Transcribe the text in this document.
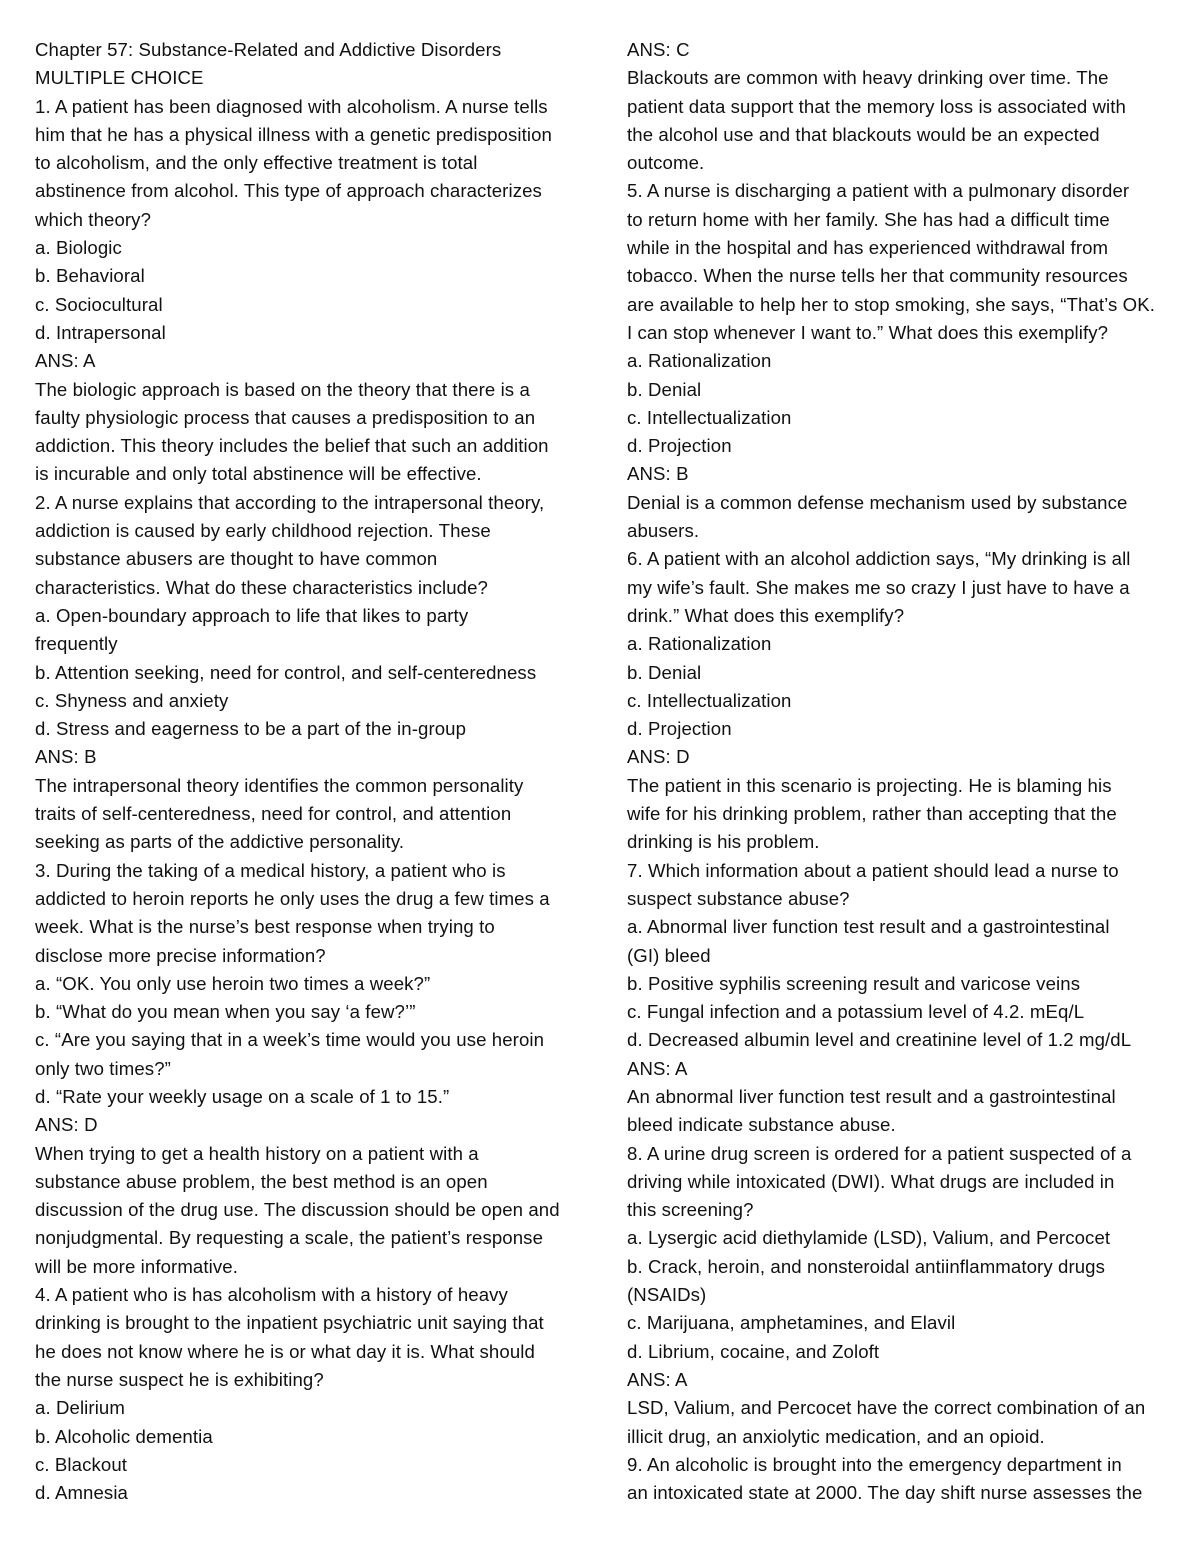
Chapter 57: Substance-Related and Addictive Disorders
MULTIPLE CHOICE
1. A patient has been diagnosed with alcoholism. A nurse tells
him that he has a physical illness with a genetic predisposition
to alcoholism, and the only effective treatment is total
abstinence from alcohol. This type of approach characterizes
which theory?
a. Biologic
b. Behavioral
c. Sociocultural
d. Intrapersonal
ANS: A
The biologic approach is based on the theory that there is a
faulty physiologic process that causes a predisposition to an
addiction. This theory includes the belief that such an addition
is incurable and only total abstinence will be effective.
2. A nurse explains that according to the intrapersonal theory,
addiction is caused by early childhood rejection. These
substance abusers are thought to have common
characteristics. What do these characteristics include?
a. Open-boundary approach to life that likes to party
frequently
b. Attention seeking, need for control, and self-centeredness
c. Shyness and anxiety
d. Stress and eagerness to be a part of the in-group
ANS: B
The intrapersonal theory identifies the common personality
traits of self-centeredness, need for control, and attention
seeking as parts of the addictive personality.
3. During the taking of a medical history, a patient who is
addicted to heroin reports he only uses the drug a few times a
week. What is the nurse’s best response when trying to
disclose more precise information?
a. “OK. You only use heroin two times a week?”
b. “What do you mean when you say ‘a few?’”
c. “Are you saying that in a week’s time would you use heroin
only two times?”
d. “Rate your weekly usage on a scale of 1 to 15.”
ANS: D
When trying to get a health history on a patient with a
substance abuse problem, the best method is an open
discussion of the drug use. The discussion should be open and
nonjudgmental. By requesting a scale, the patient’s response
will be more informative.
4. A patient who is has alcoholism with a history of heavy
drinking is brought to the inpatient psychiatric unit saying that
he does not know where he is or what day it is. What should
the nurse suspect he is exhibiting?
a. Delirium
b. Alcoholic dementia
c. Blackout
d. Amnesia
ANS: C
Blackouts are common with heavy drinking over time. The
patient data support that the memory loss is associated with
the alcohol use and that blackouts would be an expected
outcome.
5. A nurse is discharging a patient with a pulmonary disorder
to return home with her family. She has had a difficult time
while in the hospital and has experienced withdrawal from
tobacco. When the nurse tells her that community resources
are available to help her to stop smoking, she says, “That’s OK.
I can stop whenever I want to.” What does this exemplify?
a. Rationalization
b. Denial
c. Intellectualization
d. Projection
ANS: B
Denial is a common defense mechanism used by substance
abusers.
6. A patient with an alcohol addiction says, “My drinking is all
my wife’s fault. She makes me so crazy I just have to have a
drink.” What does this exemplify?
a. Rationalization
b. Denial
c. Intellectualization
d. Projection
ANS: D
The patient in this scenario is projecting. He is blaming his
wife for his drinking problem, rather than accepting that the
drinking is his problem.
7. Which information about a patient should lead a nurse to
suspect substance abuse?
a. Abnormal liver function test result and a gastrointestinal
(GI) bleed
b. Positive syphilis screening result and varicose veins
c. Fungal infection and a potassium level of 4.2. mEq/L
d. Decreased albumin level and creatinine level of 1.2 mg/dL
ANS: A
An abnormal liver function test result and a gastrointestinal
bleed indicate substance abuse.
8. A urine drug screen is ordered for a patient suspected of a
driving while intoxicated (DWI). What drugs are included in
this screening?
a. Lysergic acid diethylamide (LSD), Valium, and Percocet
b. Crack, heroin, and nonsteroidal antiinflammatory drugs
(NSAIDs)
c. Marijuana, amphetamines, and Elavil
d. Librium, cocaine, and Zoloft
ANS: A
LSD, Valium, and Percocet have the correct combination of an
illicit drug, an anxiolytic medication, and an opioid.
9. An alcoholic is brought into the emergency department in
an intoxicated state at 2000. The day shift nurse assesses the
